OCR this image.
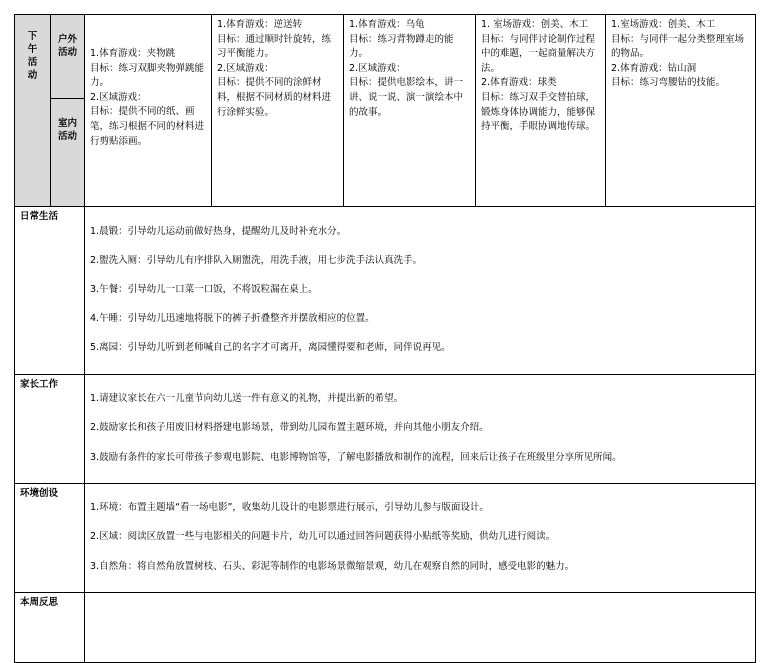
下午活动	户外活动	1.体育游戏：夹物跳
目标：练习双脚夹物弹跳能力。
2.区域游戏：
目标：提供不同的纸、画笔，练习根据不同的材料进行剪贴添画。	1.体育游戏：逆送转
目标：通过顺时针旋转，练习平衡能力。
2.区域游戏：
目标：提供不同的涂鲜材料，根据不同材质的材料进行涂鲜实验。	1.体育游戏：乌龟
目标：练习背物蹲走的能力。
2.区域游戏：
目标：提供电影绘本，讲一讲、说一说、演一演绘本中的故事。	1. 室场游戏：创美、木工
目标：与同伴讨论制作过程中的难题，一起商量解决方法。
2.体育游戏：球类
目标：练习双手交替拍球，锻炼身体协调能力，能够保持平衡，手眼协调地传球。	1.室场游戏：创美、木工
目标：与同伴一起分类整理室场的物品。
2.体育游戏：钻山洞
目标：练习弯腰钻的技能。

室内活动					

日常生活		1.晨锻：引导幼儿运动前做好热身，提醒幼儿及时补充水分。

2.盥洗入厕：引导幼儿有序排队入厕盥洗，用洗手液，用七步洗手法认真洗手。

3.午餐：引导幼儿一口菜一口饭，不将饭粒漏在桌上。

4.午睡：引导幼儿迅速地将脱下的裤子折叠整齐并摆放相应的位置。

5.离园：引导幼儿听到老师喊自己的名字才可离开，离园懂得要和老师，同伴说再见。				

家长工作		1.请建议家长在六一儿童节向幼儿送一件有意义的礼物，并提出新的希望。

2.鼓励家长和孩子用废旧材料搭建电影场景，带到幼儿园布置主题环境，并向其他小朋友介绍。

3.鼓励有条件的家长可带孩子参观电影院、电影博物馆等，了解电影播放和制作的流程，回来后让孩子在班级里分享所见所闻。				

环境创设		1.环境：布置主题墙“看一场电影”，收集幼儿设计的电影票进行展示，引导幼儿参与版面设计。

2.区域：阅读区放置一些与电影相关的问题卡片，幼儿可以通过回答问题获得小贴纸等奖励，供幼儿进行阅读。

3.自然角：将自然角放置树枝、石头、彩泥等制作的电影场景微缩景观，幼儿在观察自然的同时，感受电影的魅力。				

本周反思						
